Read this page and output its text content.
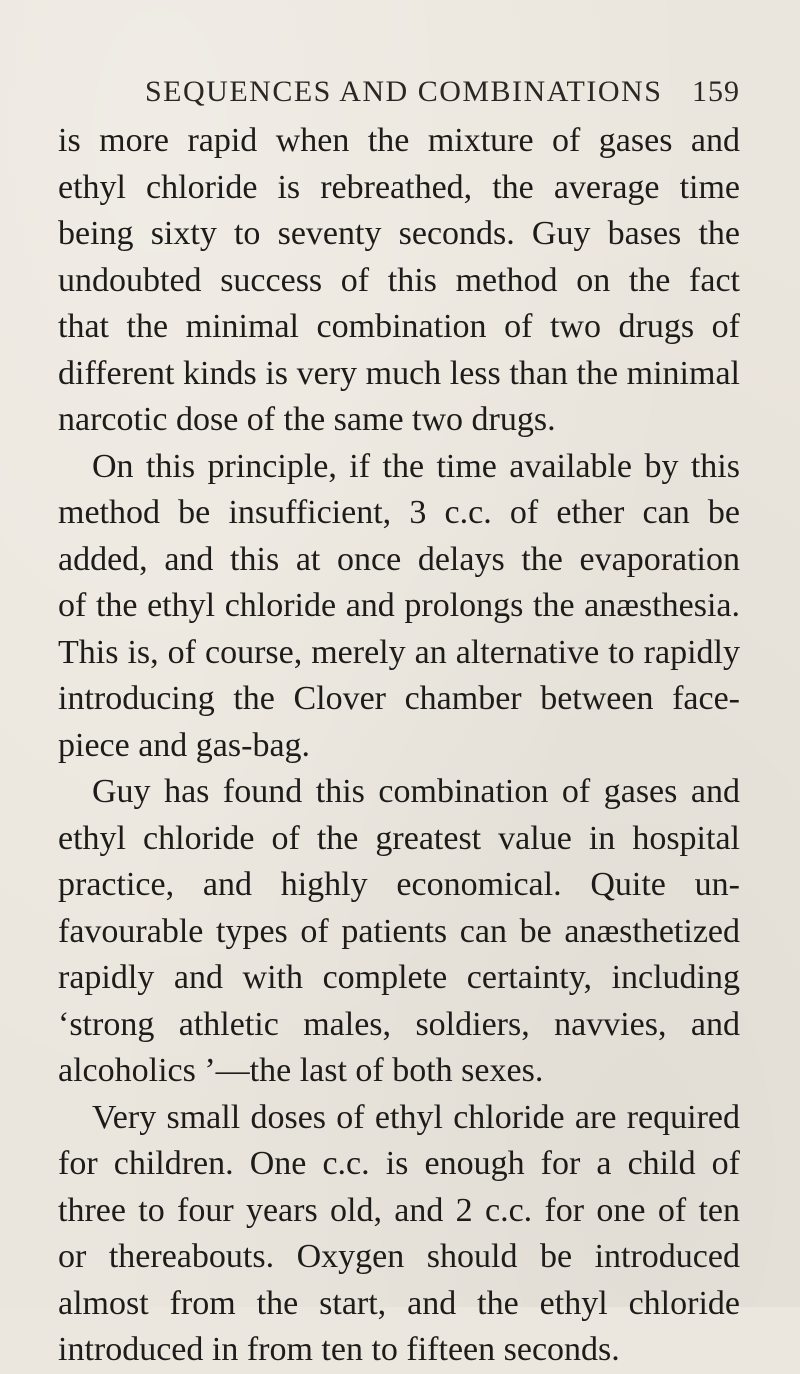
SEQUENCES AND COMBINATIONS 159

is more rapid when the mixture of gases and
ethyl chloride is rebreathed, the average time
being sixty to seventy seconds. Guy bases the
undoubted success of this method on the fact
that the minimal combination of two drugs of
different kinds is very much less than the minimal
narcotic dose of the same two drugs.

On this principle, if the time available by this
method be insufficient, 3 c.c. of ether can be
added, and this at once delays the evaporation
of the ethyl chloride and prolongs the anæsthesia.
This is, of course, merely an alternative to rapidly
introducing the Clover chamber between face-
piece and gas-bag.

Guy has found this combination of gases and
ethyl chloride of the greatest value in hospital
practice, and highly economical. Quite un-
favourable types of patients can be anæsthetized
rapidly and with complete certainty, including
‘strong athletic males, soldiers, navvies, and
alcoholics ’—the last of both sexes.

Very small doses of ethyl chloride are required
for children. One c.c. is enough for a child of
three to four years old, and 2 c.c. for one of ten
or thereabouts. Oxygen should be introduced
almost from the start, and the ethyl chloride
introduced in from ten to fifteen seconds.
